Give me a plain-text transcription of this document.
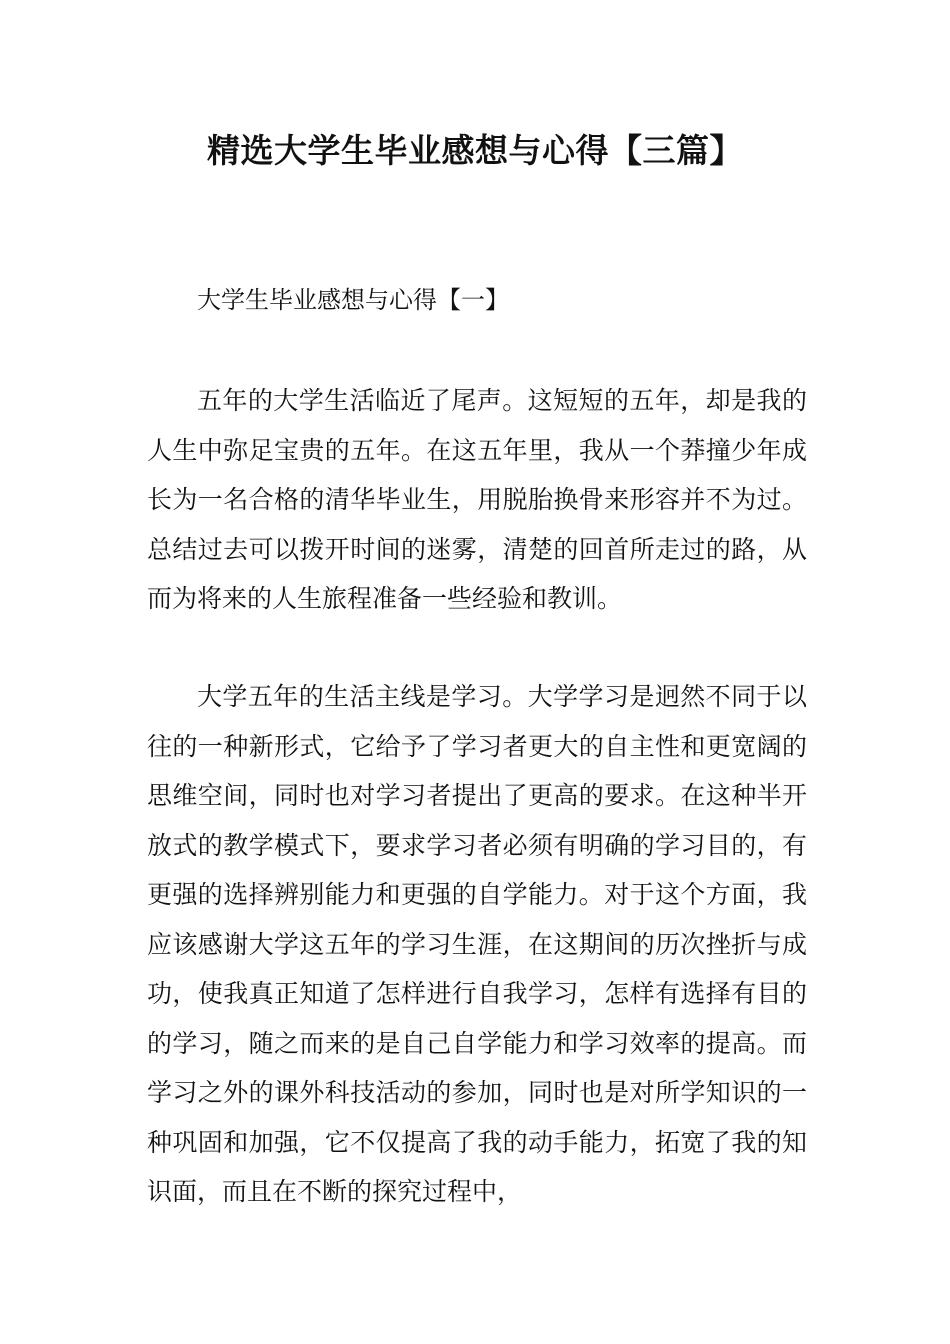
精选大学生毕业感想与心得【三篇】

大学生毕业感想与心得【一】

五年的大学生活临近了尾声。这短短的五年，却是我的人生中弥足宝贵的五年。在这五年里，我从一个莽撞少年成长为一名合格的清华毕业生，用脱胎换骨来形容并不为过。总结过去可以拨开时间的迷雾，清楚的回首所走过的路，从而为将来的人生旅程准备一些经验和教训。

大学五年的生活主线是学习。大学学习是迥然不同于以往的一种新形式，它给予了学习者更大的自主性和更宽阔的思维空间，同时也对学习者提出了更高的要求。在这种半开放式的教学模式下，要求学习者必须有明确的学习目的，有更强的选择辨别能力和更强的自学能力。对于这个方面，我应该感谢大学这五年的学习生涯，在这期间的历次挫折与成功，使我真正知道了怎样进行自我学习，怎样有选择有目的的学习，随之而来的是自己自学能力和学习效率的提高。而学习之外的课外科技活动的参加，同时也是对所学知识的一种巩固和加强，它不仅提高了我的动手能力，拓宽了我的知识面，而且在不断的探究过程中，
